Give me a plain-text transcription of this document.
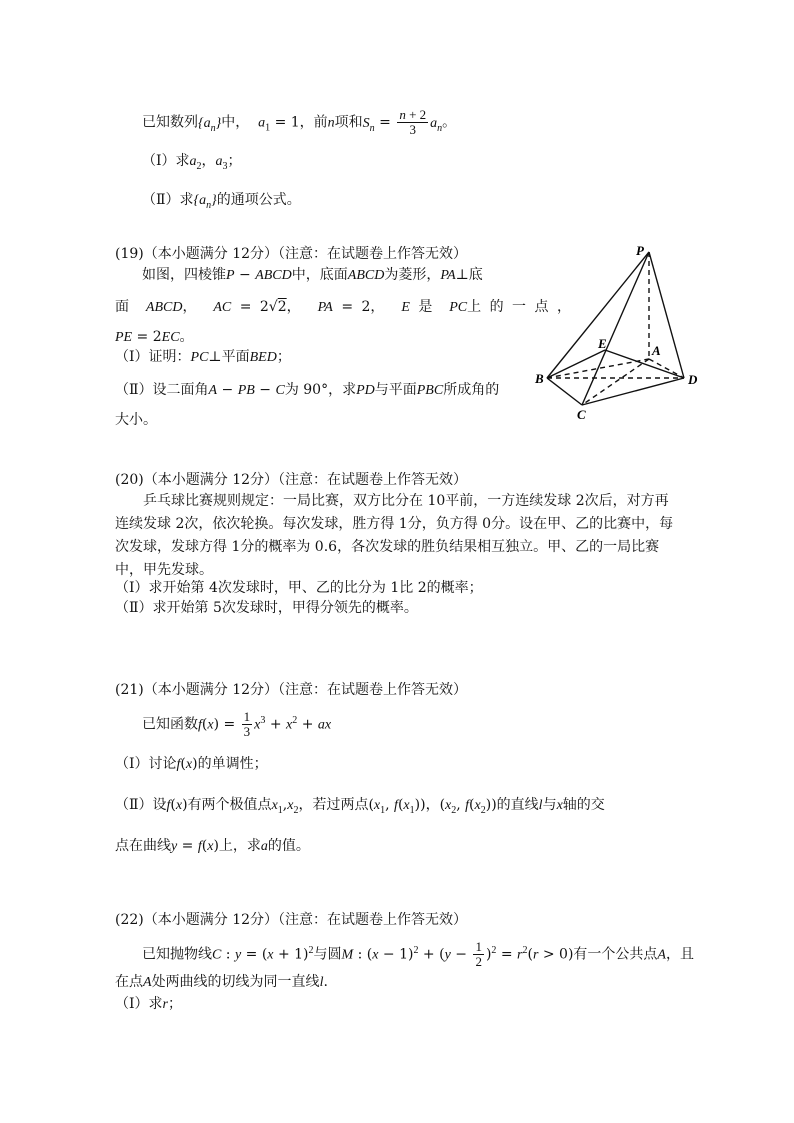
已知数列$\{a_n\}$中， $a_1 = 1$，前n项和$S_n = \frac{n + 2}{3} a_n$。
（Ⅰ）求$a_2$，$a_3$；
（Ⅱ）求$\{a_n\}$的通项公式。
(19)（本小题满分 12分）（注意：在试题卷上作答无效）
如图，四棱锥P − ABCD中，底面ABCD为菱形，PA⊥底
面 ABCD， AC = 2√2， PA = 2， E 是 PC上 的 一 点 ，
PE = 2EC。
（Ⅰ）证明：PC⊥平面BED；
（Ⅱ）设二面角A − PB − C为 90°，求PD与平面PBC所成角的
大小。
P
E	A
B	D
C
(20)（本小题满分 12分）（注意：在试题卷上作答无效）
乒乓球比赛规则规定：一局比赛，双方比分在 10平前，一方连续发球 2次后，对方再连续发球 2次，依次轮换。每次发球，胜方得 1分，负方得 0分。设在甲、乙的比赛中，每次发球，发球方得 1分的概率为 0.6，各次发球的胜负结果相互独立。甲、乙的一局比赛中，甲先发球。
（Ⅰ）求开始第 4次发球时，甲、乙的比分为 1比 2的概率；
（Ⅱ）求开始第 5次发球时，甲得分领先的概率。
(21)（本小题满分 12分）（注意：在试题卷上作答无效）
已知函数$f(x) = \frac{1}{3} x^3 + x^2$ + ax
（Ⅰ）讨论f(x)的单调性；
（Ⅱ）设f(x)有两个极值点$x_1,x_2$，若过两点($x_1$, $f(x_1)$)，($x_2$, $f(x_2)$)的直线l与x轴的交
点在曲线y = f(x)上，求a的值。
(22)（本小题满分 12分）（注意：在试题卷上作答无效）
已知抛物线C : $y = (x + 1)^2$与圆M : $(x - 1)^2 + (y - \frac{1}{2} )^2 = r^2(r > 0)$有一个公共点A，且
在点A处两曲线的切线为同一直线l.
（Ⅰ）求r；
